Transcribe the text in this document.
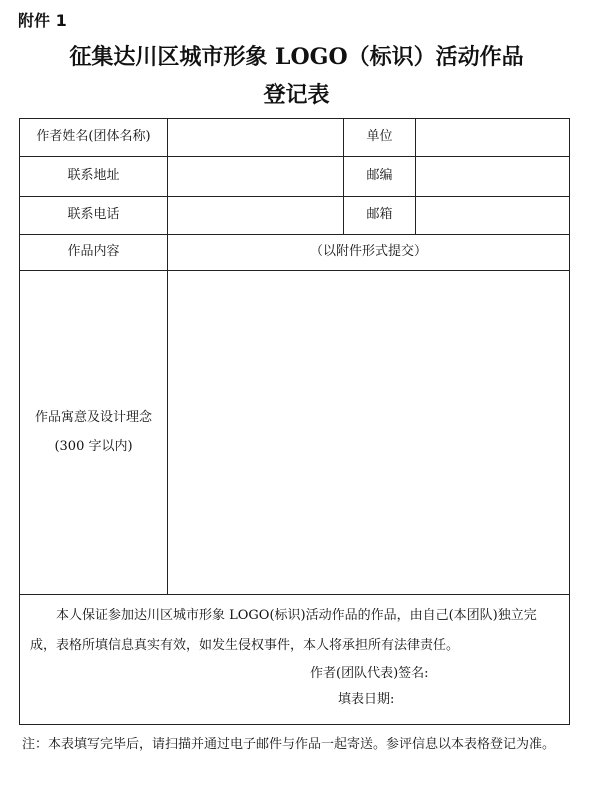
附件 1
征集达川区城市形象 LOGO（标识）活动作品
登记表
作者姓名(团体名称)		单位	
联系地址		邮编	
联系电话		邮箱	
作品内容	（以附件形式提交）		

作品寓意及设计理念
(300 字以内)			

本人保证参加达川区城市形象 LOGO(标识)活动作品的作品，由自己(本团队)独立完成，表格所填信息真实有效，如发生侵权事件，本人将承担所有法律责任。

作者(团队代表)签名:
填表日期:			
注：本表填写完毕后，请扫描并通过电子邮件与作品一起寄送。参评信息以本表格登记为准。
